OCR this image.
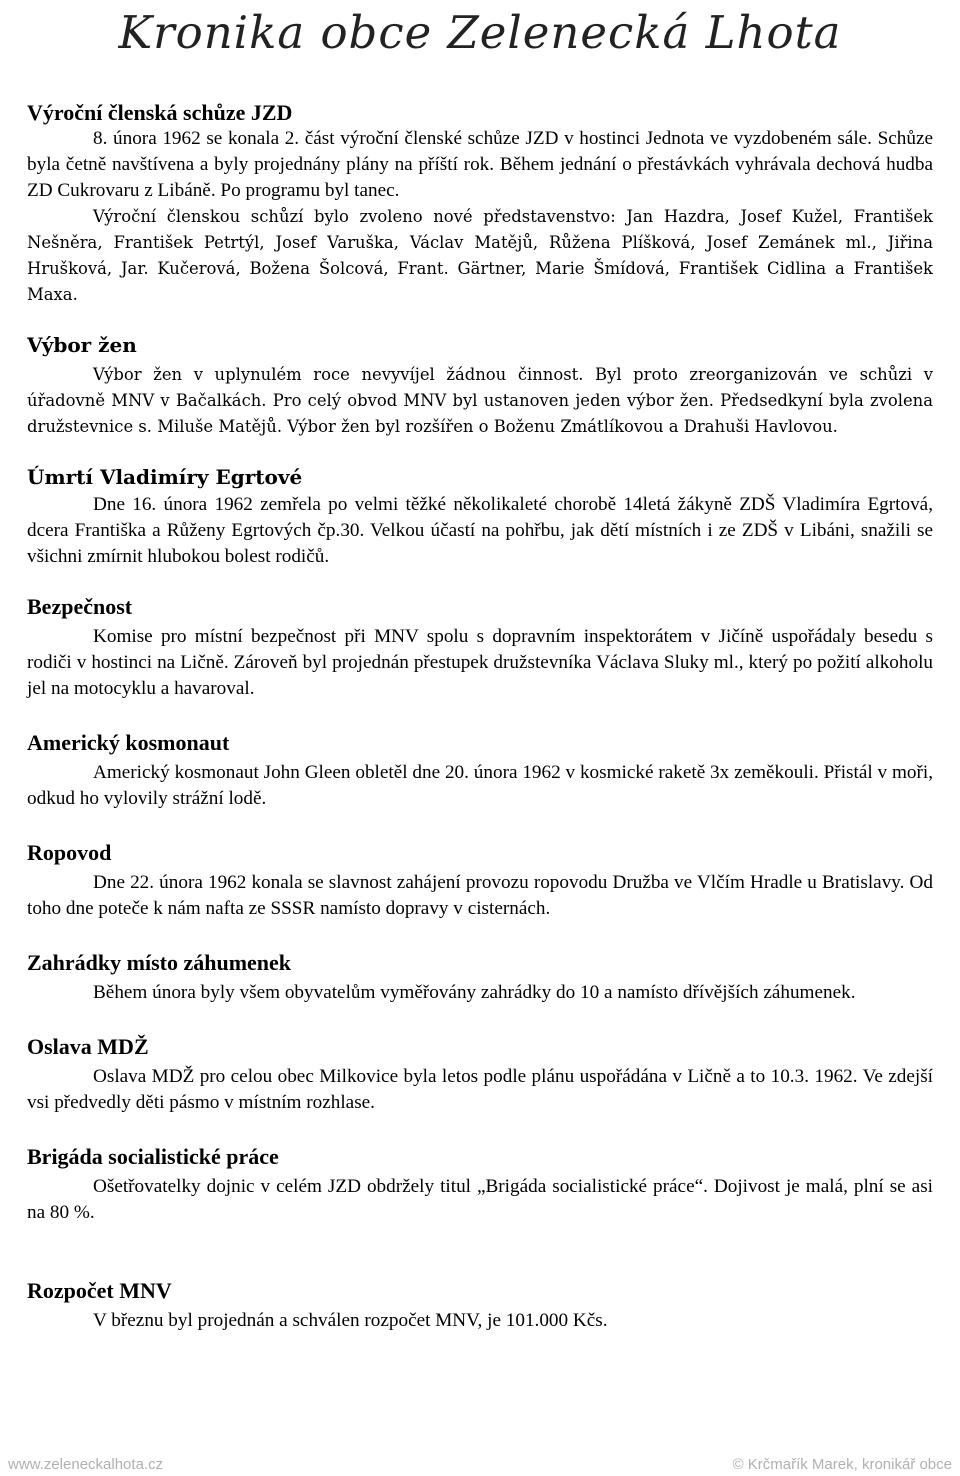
Kronika obce Zelenecká Lhota
Výroční členská schůze JZD
8. února 1962 se konala 2. část výroční členské schůze JZD v hostinci Jednota ve vyzdobeném sále. Schůze byla četně navštívena a byly projednány plány na příští rok. Během jednání o přestávkách vyhrávala dechová hudba ZD Cukrovaru z Libáně. Po programu byl tanec.
Výroční členskou schůzí bylo zvoleno nové představenstvo: Jan Hazdra, Josef Kužel, František Nešněra, František Petrtýl, Josef Varuška, Václav Matějů, Růžena Plíšková, Josef Zemánek ml., Jiřina Hrušková, Jar. Kučerová, Božena Šolcová, Frant. Gärtner, Marie Šmídová, František Cidlina a František Maxa.
Výbor žen
Výbor žen v uplynulém roce nevyvíjel žádnou činnost. Byl proto zreorganizován ve schůzi v úřadovně MNV v Bačalkách. Pro celý obvod MNV byl ustanoven jeden výbor žen. Předsedkyní byla zvolena družstevnice s. Miluše Matějů. Výbor žen byl rozšířen o Boženu Zmátlíkovou a Drahuši Havlovou.
Úmrtí Vladimíry Egrtové
Dne 16. února 1962 zemřela po velmi těžké několikaleté chorobě 14letá žákyně ZDŠ Vladimíra Egrtová, dcera Františka a Růženy Egrtových čp.30. Velkou účastí na pohřbu, jak dětí místních i ze ZDŠ v Libáni, snažili se všichni zmírnit hlubokou bolest rodičů.
Bezpečnost
Komise pro místní bezpečnost při MNV spolu s dopravním inspektorátem v Jičíně uspořádaly besedu s rodiči v hostinci na Ličně. Zároveň byl projednán přestupek družstevníka Václava Sluky ml., který po požití alkoholu jel na motocyklu a havaroval.
Americký kosmonaut
Americký kosmonaut John Gleen obletěl dne 20. února 1962 v kosmické raketě 3x zeměkouli. Přistál v moři, odkud ho vylovily strážní lodě.
Ropovod
Dne 22. února 1962 konala se slavnost zahájení provozu ropovodu Družba ve Vlčím Hradle u Bratislavy. Od toho dne poteče k nám nafta ze SSSR namísto dopravy v cisternách.
Zahrádky místo záhumenek
Během února byly všem obyvatelům vyměřovány zahrádky do 10 a namísto dřívějších záhumenek.
Oslava MDŽ
Oslava MDŽ pro celou obec Milkovice byla letos podle plánu uspořádána v Ličně a to 10.3. 1962. Ve zdejší vsi předvedly děti pásmo v místním rozhlase.
Brigáda socialistické práce
Ošetřovatelky dojnic v celém JZD obdržely titul „Brigáda socialistické práce“. Dojivost je malá, plní se asi na 80 %.
Rozpočet MNV
V březnu byl projednán a schválen rozpočet MNV, je 101.000 Kčs.
www.zeleneckalhota.cz	© Krčmařík Marek, kronikář obce
